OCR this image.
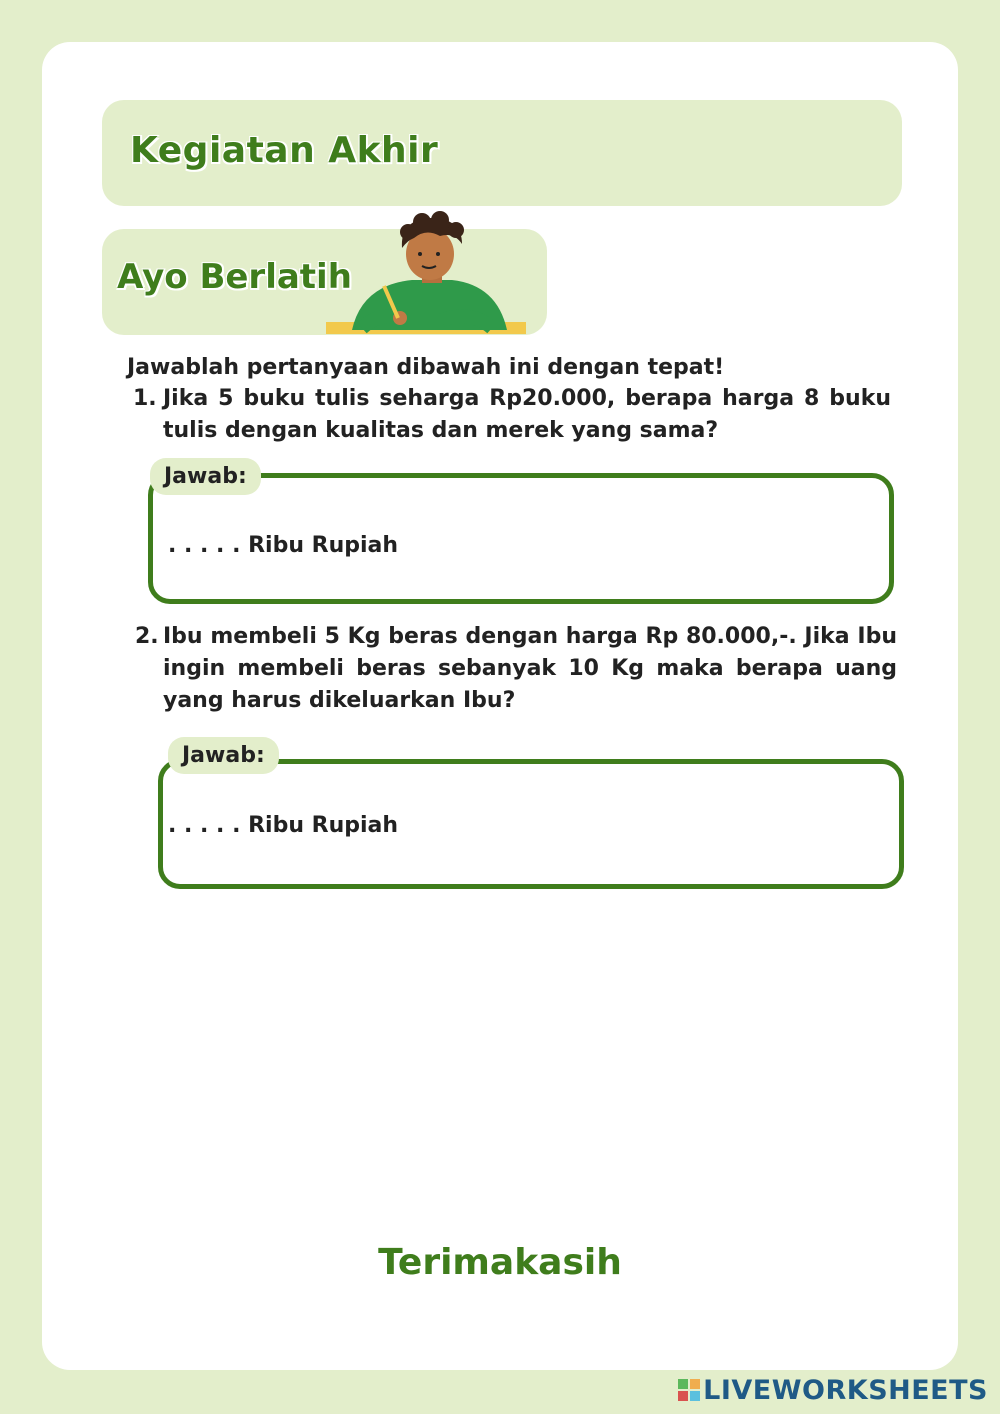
Kegiatan Akhir
Ayo Berlatih
Jawablah pertanyaan dibawah ini dengan tepat!
1. Jika 5 buku tulis seharga Rp20.000, berapa harga 8 buku tulis dengan kualitas dan merek yang sama?
Jawab:
. . . . . Ribu Rupiah
2. Ibu membeli 5 Kg beras dengan harga Rp 80.000,-. Jika Ibu ingin membeli beras sebanyak 10 Kg maka berapa uang yang harus dikeluarkan Ibu?
Jawab:
. . . . . Ribu Rupiah
Terimakasih
LIVEWORKSHEETS
